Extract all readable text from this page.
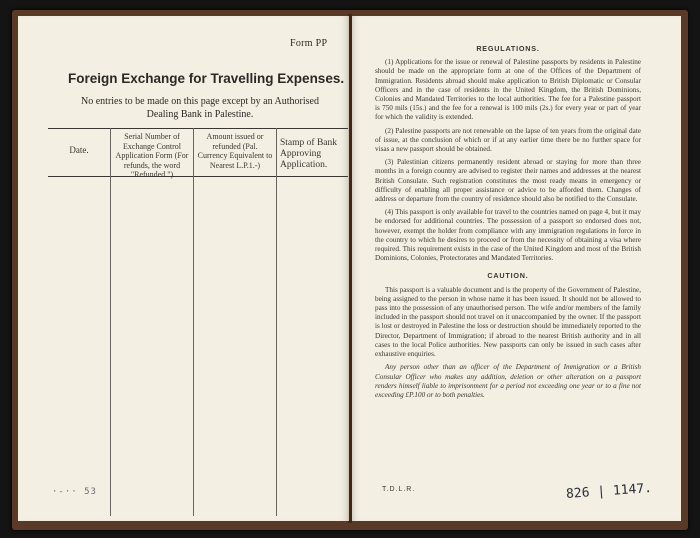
Form PP
Foreign Exchange for Travelling Expenses.
No entries to be made on this page except by an Authorised
Dealing Bank in Palestine.
Date.
Serial Number of Exchange Control Application Form (For refunds, the word "Refunded.")
Amount issued or refunded (Pal. Currency Equivalent to Nearest L.P.1.-)
Stamp of Bank Approving Application.
·-·· 53
REGULATIONS.

(1) Applications for the issue or renewal of Palestine passports by residents in Palestine should be made on the appropriate form at one of the Offices of the Department of Immigration. Residents abroad should make application to British Diplomatic or Consular Officers and in the case of residents in the United Kingdom, the British Dominions, Colonies and Mandated Territories to the local authorities. The fee for a Palestine passport is 750 mils (15s.) and the fee for a renewal is 100 mils (2s.) for every year or part of year for which the validity is extended.

(2) Palestine passports are not renewable on the lapse of ten years from the original date of issue, at the conclusion of which or if at any earlier time there be no further space for visas a new passport should be obtained.

(3) Palestinian citizens permanently resident abroad or staying for more than three months in a foreign country are advised to register their names and addresses at the nearest British Consulate. Such registration constitutes the most ready means in emergency or difficulty of enabling all proper assistance or advice to be afforded them. Changes of address or departure from the country of residence should also be notified to the Consulate.

(4) This passport is only available for travel to the countries named on page 4, but it may be endorsed for additional countries. The possession of a passport so endorsed does not, however, exempt the holder from compliance with any immigration regulations in force in the country to which he desires to proceed or from the necessity of obtaining a visa where required. This requirement exists in the case of the United Kingdom and most of the British Dominions, Colonies, Protectorates and Mandated Territories.

CAUTION.

This passport is a valuable document and is the property of the Government of Palestine, being assigned to the person in whose name it has been issued. It should not be allowed to pass into the possession of any unauthorised person. The wife and/or members of the family included in the passport should not travel on it unaccompanied by the owner. If the passport is lost or destroyed in Palestine the loss or destruction should be immediately reported to the Director, Department of Immigration; if abroad to the nearest British authority and in all cases to the local Police authorities. New passports can only be issued in such cases after exhaustive enquiries.

Any person other than an officer of the Department of Immigration or a British Consular Officer who makes any addition, deletion or other alteration on a passport renders himself liable to imprisonment for a period not exceeding one year or to a fine not exceeding £P.100 or to both penalties.

T.D.L.R.	826 | 1147.
